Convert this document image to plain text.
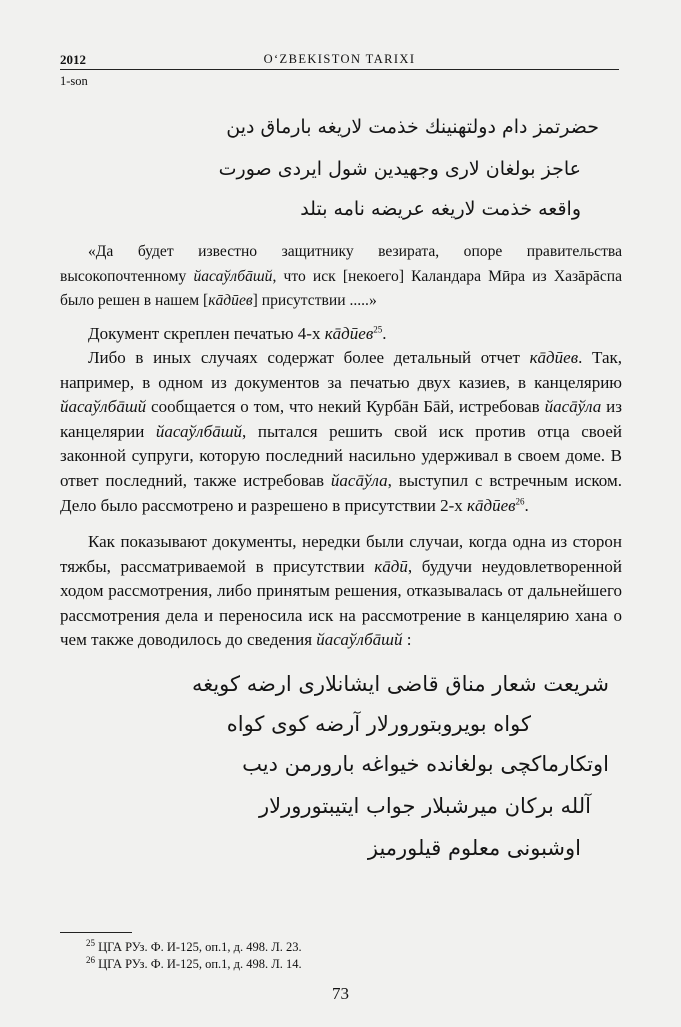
2012	O‘ZBEKISTON TARIXI
1-son
حضرتمز دام دولتهنینك خذمت لاریغه بارماق دین
عاجز بولغان لاری وجهیدین شول ایردی صورت
واقعه خذمت لاریغه عریضه نامه بتلد

«Да будет известно защитнику везирата, опоре правительства высокопочтенному йасаўлбāшй, что иск [некоего] Каландара Мӣра из Хазāрāспа было решен в нашем [кāдӣев] присутствии .....»

Документ скреплен печатью 4-х кāдӣев$^{25}$.

Либо в иных случаях содержат более детальный отчет кāдӣев. Так, например, в одном из документов за печатью двух казиев, в канцелярию йасаўлбāшй сообщается о том, что некий Курбāн Бāй, истребовав йасāўла из канцелярии йасаўлбāшй, пытался решить свой иск против отца своей законной супруги, которую последний насильно удерживал в своем доме. В ответ последний, также истребовав йасāўла, выступил с встречным иском. Дело было рассмотрено и разрешено в присутствии 2-х кāдӣев$^{26}$.

Как показывают документы, нередки были случаи, когда одна из сторон тяжбы, рассматриваемой в присутствии кāдӣ, будучи неудовлетворенной ходом рассмотрения, либо принятым решения, отказывалась от дальнейшего рассмотрения дела и переносила иск на рассмотрение в канцелярию хана о чем также доводилось до сведения йасаўлбāшй :

شریعت شعار مناق قاضی ایشانلاری ارضه کویغه
کواه بویروبتورورلار آرضه کوی کواه
اوتکارماکچی بولغانده خیواغه بارورمن دیب
آلله برکان میرشبلار جواب ایتیبتورورلار
اوشبونی معلوم قیلورمیز
$^{25}$ ЦГА РУз. Ф. И-125, оп.1, д. 498. Л. 23.
$^{26}$ ЦГА РУз. Ф. И-125, оп.1, д. 498. Л. 14.
73
